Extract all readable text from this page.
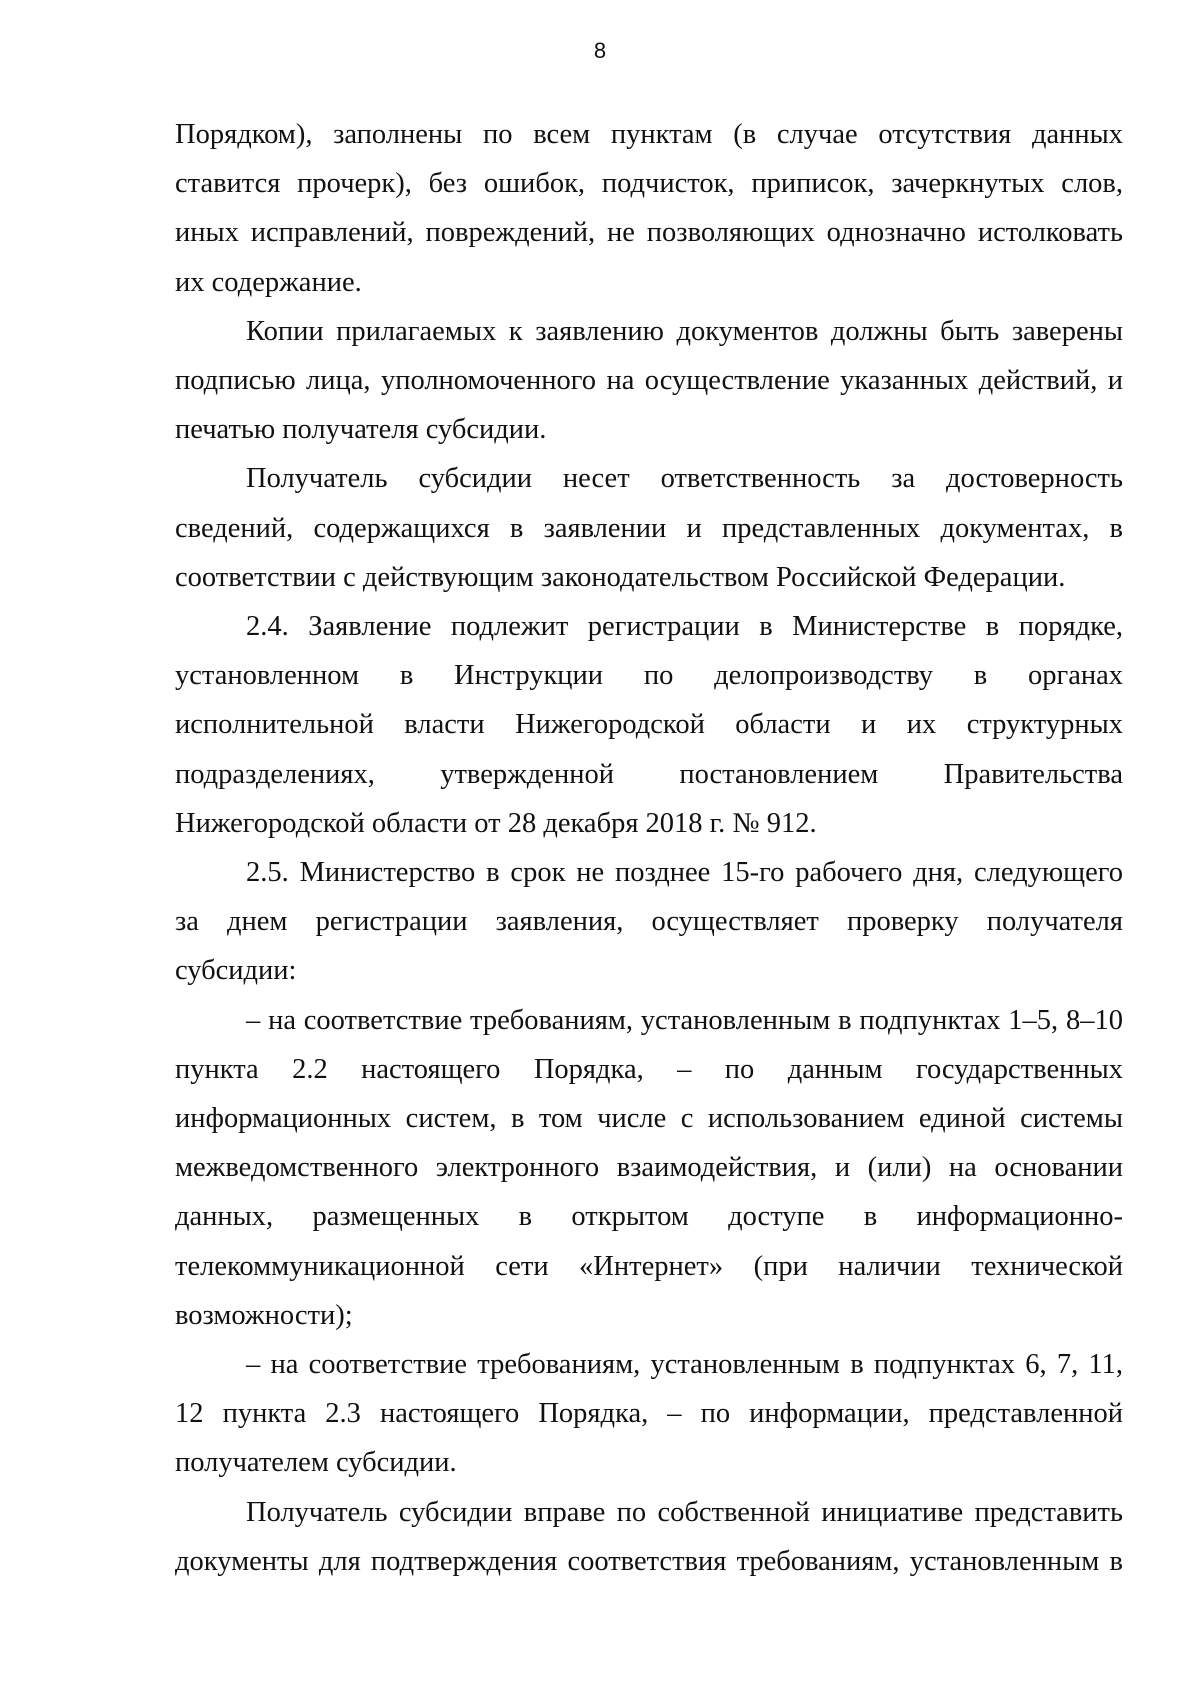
8
Порядком), заполнены по всем пунктам (в случае отсутствия данных
ставится прочерк), без ошибок, подчисток, приписок, зачеркнутых слов,
иных исправлений, повреждений, не позволяющих однозначно истолковать
их содержание.
Копии прилагаемых к заявлению документов должны быть заверены
подписью лица, уполномоченного на осуществление указанных действий, и
печатью получателя субсидии.
Получатель субсидии несет ответственность за достоверность
сведений, содержащихся в заявлении и представленных документах, в
соответствии с действующим законодательством Российской Федерации.
2.4. Заявление подлежит регистрации в Министерстве в порядке,
установленном в Инструкции по делопроизводству в органах
исполнительной власти Нижегородской области и их структурных
подразделениях, утвержденной постановлением Правительства
Нижегородской области от 28 декабря 2018 г. № 912.
2.5. Министерство в срок не позднее 15-го рабочего дня, следующего
за днем регистрации заявления, осуществляет проверку получателя
субсидии:
– на соответствие требованиям, установленным в подпунктах 1–5, 8–10
пункта 2.2 настоящего Порядка, – по данным государственных
информационных систем, в том числе с использованием единой системы
межведомственного электронного взаимодействия, и (или) на основании
данных, размещенных в открытом доступе в информационно-
телекоммуникационной сети «Интернет» (при наличии технической
возможности);
– на соответствие требованиям, установленным в подпунктах 6, 7, 11,
12 пункта 2.3 настоящего Порядка, – по информации, представленной
получателем субсидии.
Получатель субсидии вправе по собственной инициативе представить
документы для подтверждения соответствия требованиям, установленным в
